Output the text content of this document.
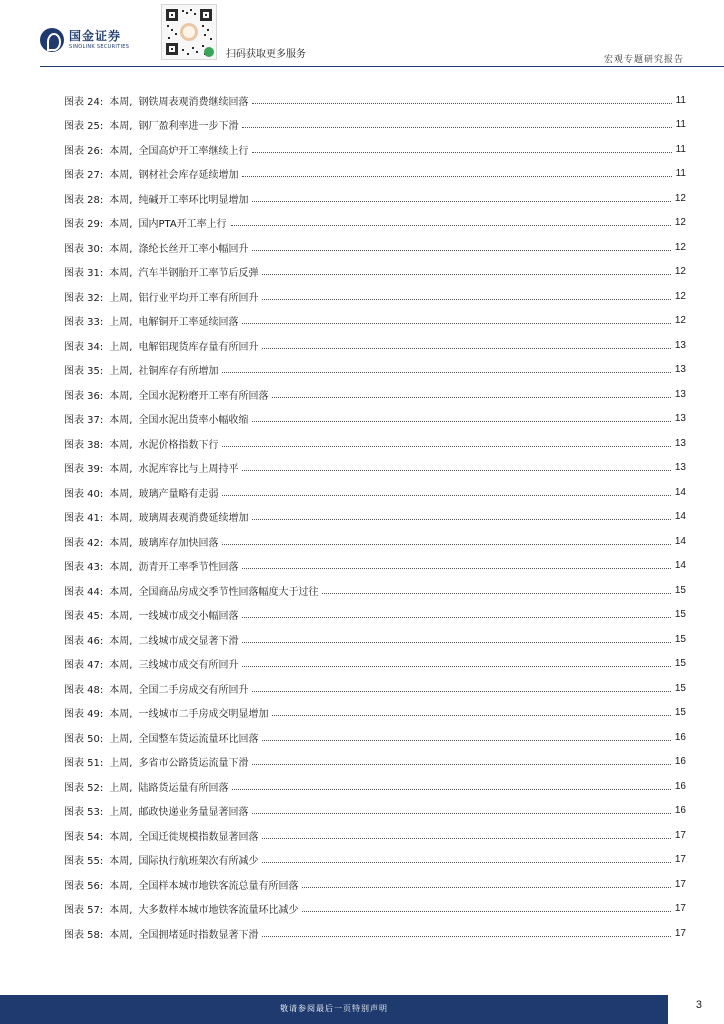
国金证券
SINOLINK SECURITIES
扫码获取更多服务	宏观专题研究报告
图表 24: 本周, 钢铁周表观消费继续回落	11
图表 25: 本周, 钢厂盈利率进一步下滑	11
图表 26: 本周, 全国高炉开工率继续上行	11
图表 27: 本周, 钢材社会库存延续增加	11
图表 28: 本周, 纯碱开工率环比明显增加	12
图表 29: 本周, 国内PTA开工率上行	12
图表 30: 本周, 涤纶长丝开工率小幅回升	12
图表 31: 本周, 汽车半钢胎开工率节后反弹	12
图表 32: 上周, 铝行业平均开工率有所回升	12
图表 33: 上周, 电解铜开工率延续回落	12
图表 34: 上周, 电解铝现货库存量有所回升	13
图表 35: 上周, 社铜库存有所增加	13
图表 36: 本周, 全国水泥粉磨开工率有所回落	13
图表 37: 本周, 全国水泥出货率小幅收缩	13
图表 38: 本周, 水泥价格指数下行	13
图表 39: 本周, 水泥库容比与上周持平	13
图表 40: 本周, 玻璃产量略有走弱	14
图表 41: 本周, 玻璃周表观消费延续增加	14
图表 42: 本周, 玻璃库存加快回落	14
图表 43: 本周, 沥青开工率季节性回落	14
图表 44: 本周, 全国商品房成交季节性回落幅度大于过往	15
图表 45: 本周, 一线城市成交小幅回落	15
图表 46: 本周, 二线城市成交显著下滑	15
图表 47: 本周, 三线城市成交有所回升	15
图表 48: 本周, 全国二手房成交有所回升	15
图表 49: 本周, 一线城市二手房成交明显增加	15
图表 50: 上周, 全国整车货运流量环比回落	16
图表 51: 上周, 多省市公路货运流量下滑	16
图表 52: 上周, 陆路货运量有所回落	16
图表 53: 上周, 邮政快递业务量显著回落	16
图表 54: 本周, 全国迁徙规模指数显著回落	17
图表 55: 本周, 国际执行航班架次有所减少	17
图表 56: 本周, 全国样本城市地铁客流总量有所回落	17
图表 57: 本周, 大多数样本城市地铁客流量环比减少	17
图表 58: 本周, 全国拥堵延时指数显著下滑	17
敬请参阅最后一页特别声明	3
